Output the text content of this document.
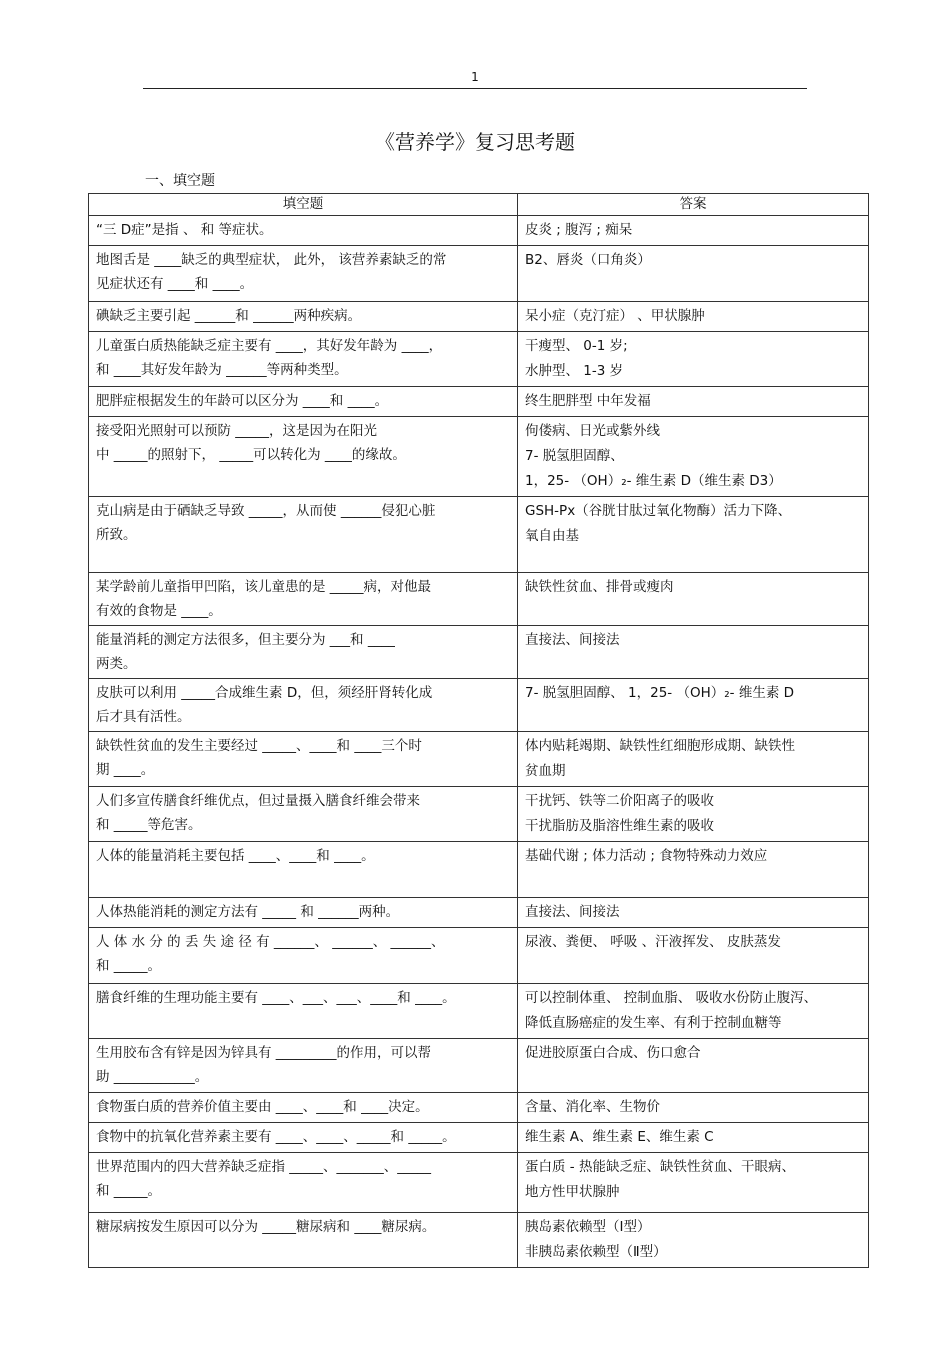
1
《营养学》复习思考题
一、填空题
填空题	答案

“三 D症”是指 、 和 等症状。	皮炎 ; 腹泻 ; 痴呆

地图舌是 ____缺乏的典型症状， 此外， 该营养素缺乏的常
见症状还有 ____和 ____。	B2、唇炎（口角炎）

碘缺乏主要引起 ______和 ______两种疾病。	呆小症（克汀症） 、甲状腺肿

儿童蛋白质热能缺乏症主要有 ____，其好发年龄为 ____，
和 ____其好发年龄为 ______等两种类型。	干瘦型、 0-1 岁;
水肿型、 1-3 岁

肥胖症根据发生的年龄可以区分为 ____和 ____。	终生肥胖型 中年发福

接受阳光照射可以预防 _____，这是因为在阳光
中 _____的照射下， _____可以转化为 ____的缘故。	佝偻病、日光或紫外线
7- 脱氢胆固醇、
1，25- （OH）₂- 维生素 D（维生素 D3）

克山病是由于硒缺乏导致 _____，从而使 ______侵犯心脏
所致。	GSH-Px（谷胱甘肽过氧化物酶）活力下降、
氧自由基

某学龄前儿童指甲凹陷，该儿童患的是 _____病，对他最
有效的食物是 ____。	缺铁性贫血、排骨或瘦肉

能量消耗的测定方法很多，但主要分为 ___和 ____
两类。	直接法、间接法

皮肤可以利用 _____合成维生素 D，但，须经肝肾转化成
后才具有活性。	7- 脱氢胆固醇、 1，25- （OH）₂- 维生素 D

缺铁性贫血的发生主要经过 _____、____和 ____三个时
期 ____。	体内贴耗竭期、缺铁性红细胞形成期、缺铁性
贫血期

人们多宣传膳食纤维优点，但过量摄入膳食纤维会带来
和 _____等危害。	干扰钙、铁等二价阳离子的吸收
干扰脂肪及脂溶性维生素的吸收

人体的能量消耗主要包括 ____、____和 ____。	基础代谢 ; 体力活动 ; 食物特殊动力效应

人体热能消耗的测定方法有 _____ 和 ______两种。	直接法、间接法

人 体 水 分 的 丢 失 途 径 有 ______、 ______、 ______、
和 _____。	尿液、粪便、 呼吸 、汗液挥发、 皮肤蒸发

膳食纤维的生理功能主要有 ____、___、___、____和 ____。	可以控制体重、 控制血脂、 吸收水份防止腹泻、
降低直肠癌症的发生率、有利于控制血糖等

生用胶布含有锌是因为锌具有 _________的作用，可以帮
助 ____________。	促进胶原蛋白合成、伤口愈合

食物蛋白质的营养价值主要由 ____、____和 ____决定。	含量、消化率、生物价

食物中的抗氧化营养素主要有 ____、____、_____和 _____。	维生素 A、维生素 E、维生素 C

世界范围内的四大营养缺乏症指 _____、_______、_____
和 _____。	蛋白质 - 热能缺乏症、缺铁性贫血、干眼病、
地方性甲状腺肿

糖尿病按发生原因可以分为 _____糖尿病和 ____糖尿病。	胰岛素依赖型（Ⅰ型）
非胰岛素依赖型（Ⅱ型）
